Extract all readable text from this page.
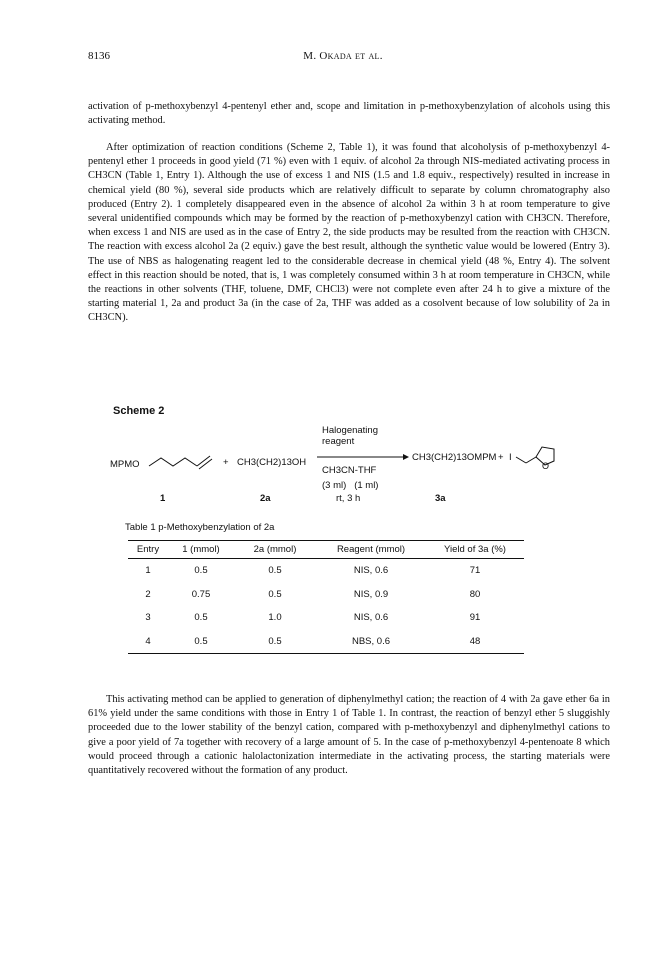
8136	M. Okada et al.
activation of p-methoxybenzyl 4-pentenyl ether and, scope and limitation in p-methoxybenzylation of alcohols using this activating method.
After optimization of reaction conditions (Scheme 2, Table 1), it was found that alcoholysis of p-methoxybenzyl 4-pentenyl ether 1 proceeds in good yield (71 %) even with 1 equiv. of alcohol 2a through NIS-mediated activating process in CH3CN (Table 1, Entry 1). Although the use of excess 1 and NIS (1.5 and 1.8 equiv., respectively) resulted in increase in chemical yield (80 %), several side products which are relatively difficult to separate by column chromatography also produced (Entry 2). 1 completely disappeared even in the absence of alcohol 2a within 3 h at room temperature to give several unidentified compounds which may be formed by the reaction of p-methoxybenzyl cation with CH3CN. Therefore, when excess 1 and NIS are used as in the case of Entry 2, the side products may be resulted from the reaction with CH3CN. The reaction with excess alcohol 2a (2 equiv.) gave the best result, although the synthetic value would be lowered (Entry 3). The use of NBS as halogenating reagent led to the considerable decrease in chemical yield (48 %, Entry 4). The solvent effect in this reaction should be noted, that is, 1 was completely consumed within 3 h at room temperature in CH3CN, while the reactions in other solvents (THF, toluene, DMF, CHCl3) were not complete even after 24 h to give a mixture of the starting material 1, 2a and product 3a (in the case of 2a, THF was added as a cosolvent because of low solubility of 2a in CH3CN).
Scheme 2
MPMO
1
+ CH3(CH2)13OH
2a
Halogenating
reagent
CH3CN-THF
(3 ml)   (1 ml)
rt, 3 h
CH3(CH2)13OMPM
3a
+ I
O
Table 1 p-Methoxybenzylation of 2a
Entry	1 (mmol)	2a (mmol)	Reagent (mmol)	Yield of 3a (%)
1	0.5	0.5	NIS, 0.6	71
2	0.75	0.5	NIS, 0.9	80
3	0.5	1.0	NIS, 0.6	91
4	0.5	0.5	NBS, 0.6	48
This activating method can be applied to generation of diphenylmethyl cation; the reaction of 4 with 2a gave ether 6a in 61% yield under the same conditions with those in Entry 1 of Table 1. In contrast, the reaction of benzyl ether 5 sluggishly proceeded due to the lower stability of the benzyl cation, compared with p-methoxybenzyl and diphenylmethyl cations to give a poor yield of 7a together with recovery of a large amount of 5. In the case of p-methoxybenzyl 4-pentenoate 8 which would proceed through a cationic halolactonization intermediate in the activating process, the starting materials were quantitatively recovered without the formation of any product.
